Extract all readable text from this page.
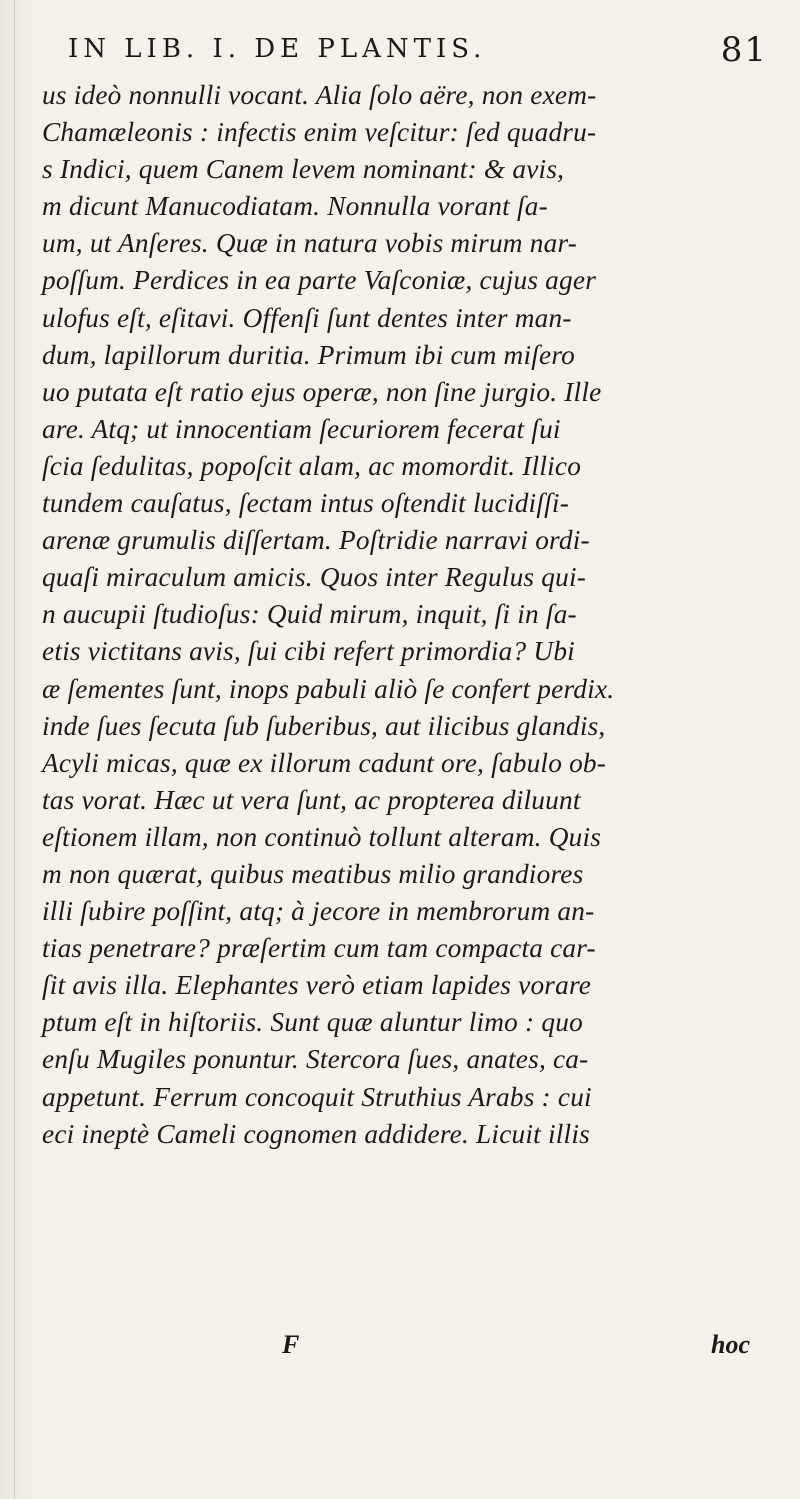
IN LIB. I. DE PLANTIS.	81
us ideò nonnulli vocant. Alia ſolo aëre, non exem-
Chamæleonis : infectis enim veſcitur: ſed quadru-
s Indici, quem Canem levem nominant: & avis,
m dicunt Manucodiatam. Nonnulla vorant ſa-
um, ut Anſeres. Quæ in natura vobis mirum nar-
poſſum. Perdices in ea parte Vaſconiæ, cujus ager
ulofus eſt, eſitavi. Offenſi ſunt dentes inter man-
dum, lapillorum duritia. Primum ibi cum miſero
uo putata eſt ratio ejus operæ, non ſine jurgio. Ille
are. Atq; ut innocentiam ſecuriorem fecerat ſui
ſcia ſedulitas, popoſcit alam, ac momordit. Illico
tundem cauſatus, ſectam intus oſtendit lucidiſſi-
arenæ grumulis diſſertam. Poſtridie narravi ordi-
quaſi miraculum amicis. Quos inter Regulus qui-
n aucupii ſtudioſus: Quid mirum, inquit, ſi in ſa-
etis victitans avis, ſui cibi refert primordia? Ubi
æ ſementes ſunt, inops pabuli aliò ſe confert perdix.
inde ſues ſecuta ſub ſuberibus, aut ilicibus glandis,
Acyli micas, quæ ex illorum cadunt ore, ſabulo ob-
tas vorat. Hæc ut vera ſunt, ac propterea diluunt
eſtionem illam, non continuò tollunt alteram. Quis
m non quærat, quibus meatibus milio grandiores
illi ſubire poſſint, atq; à jecore in membrorum an-
tias penetrare? præſertim cum tam compacta car-
ſit avis illa. Elephantes verò etiam lapides vorare
ptum eſt in hiſtoriis. Sunt quæ aluntur limo : quo
enſu Mugiles ponuntur. Stercora ſues, anates, ca-
appetunt. Ferrum concoquit Struthius Arabs : cui
eci ineptè Cameli cognomen addidere. Licuit illis
F	hoc
